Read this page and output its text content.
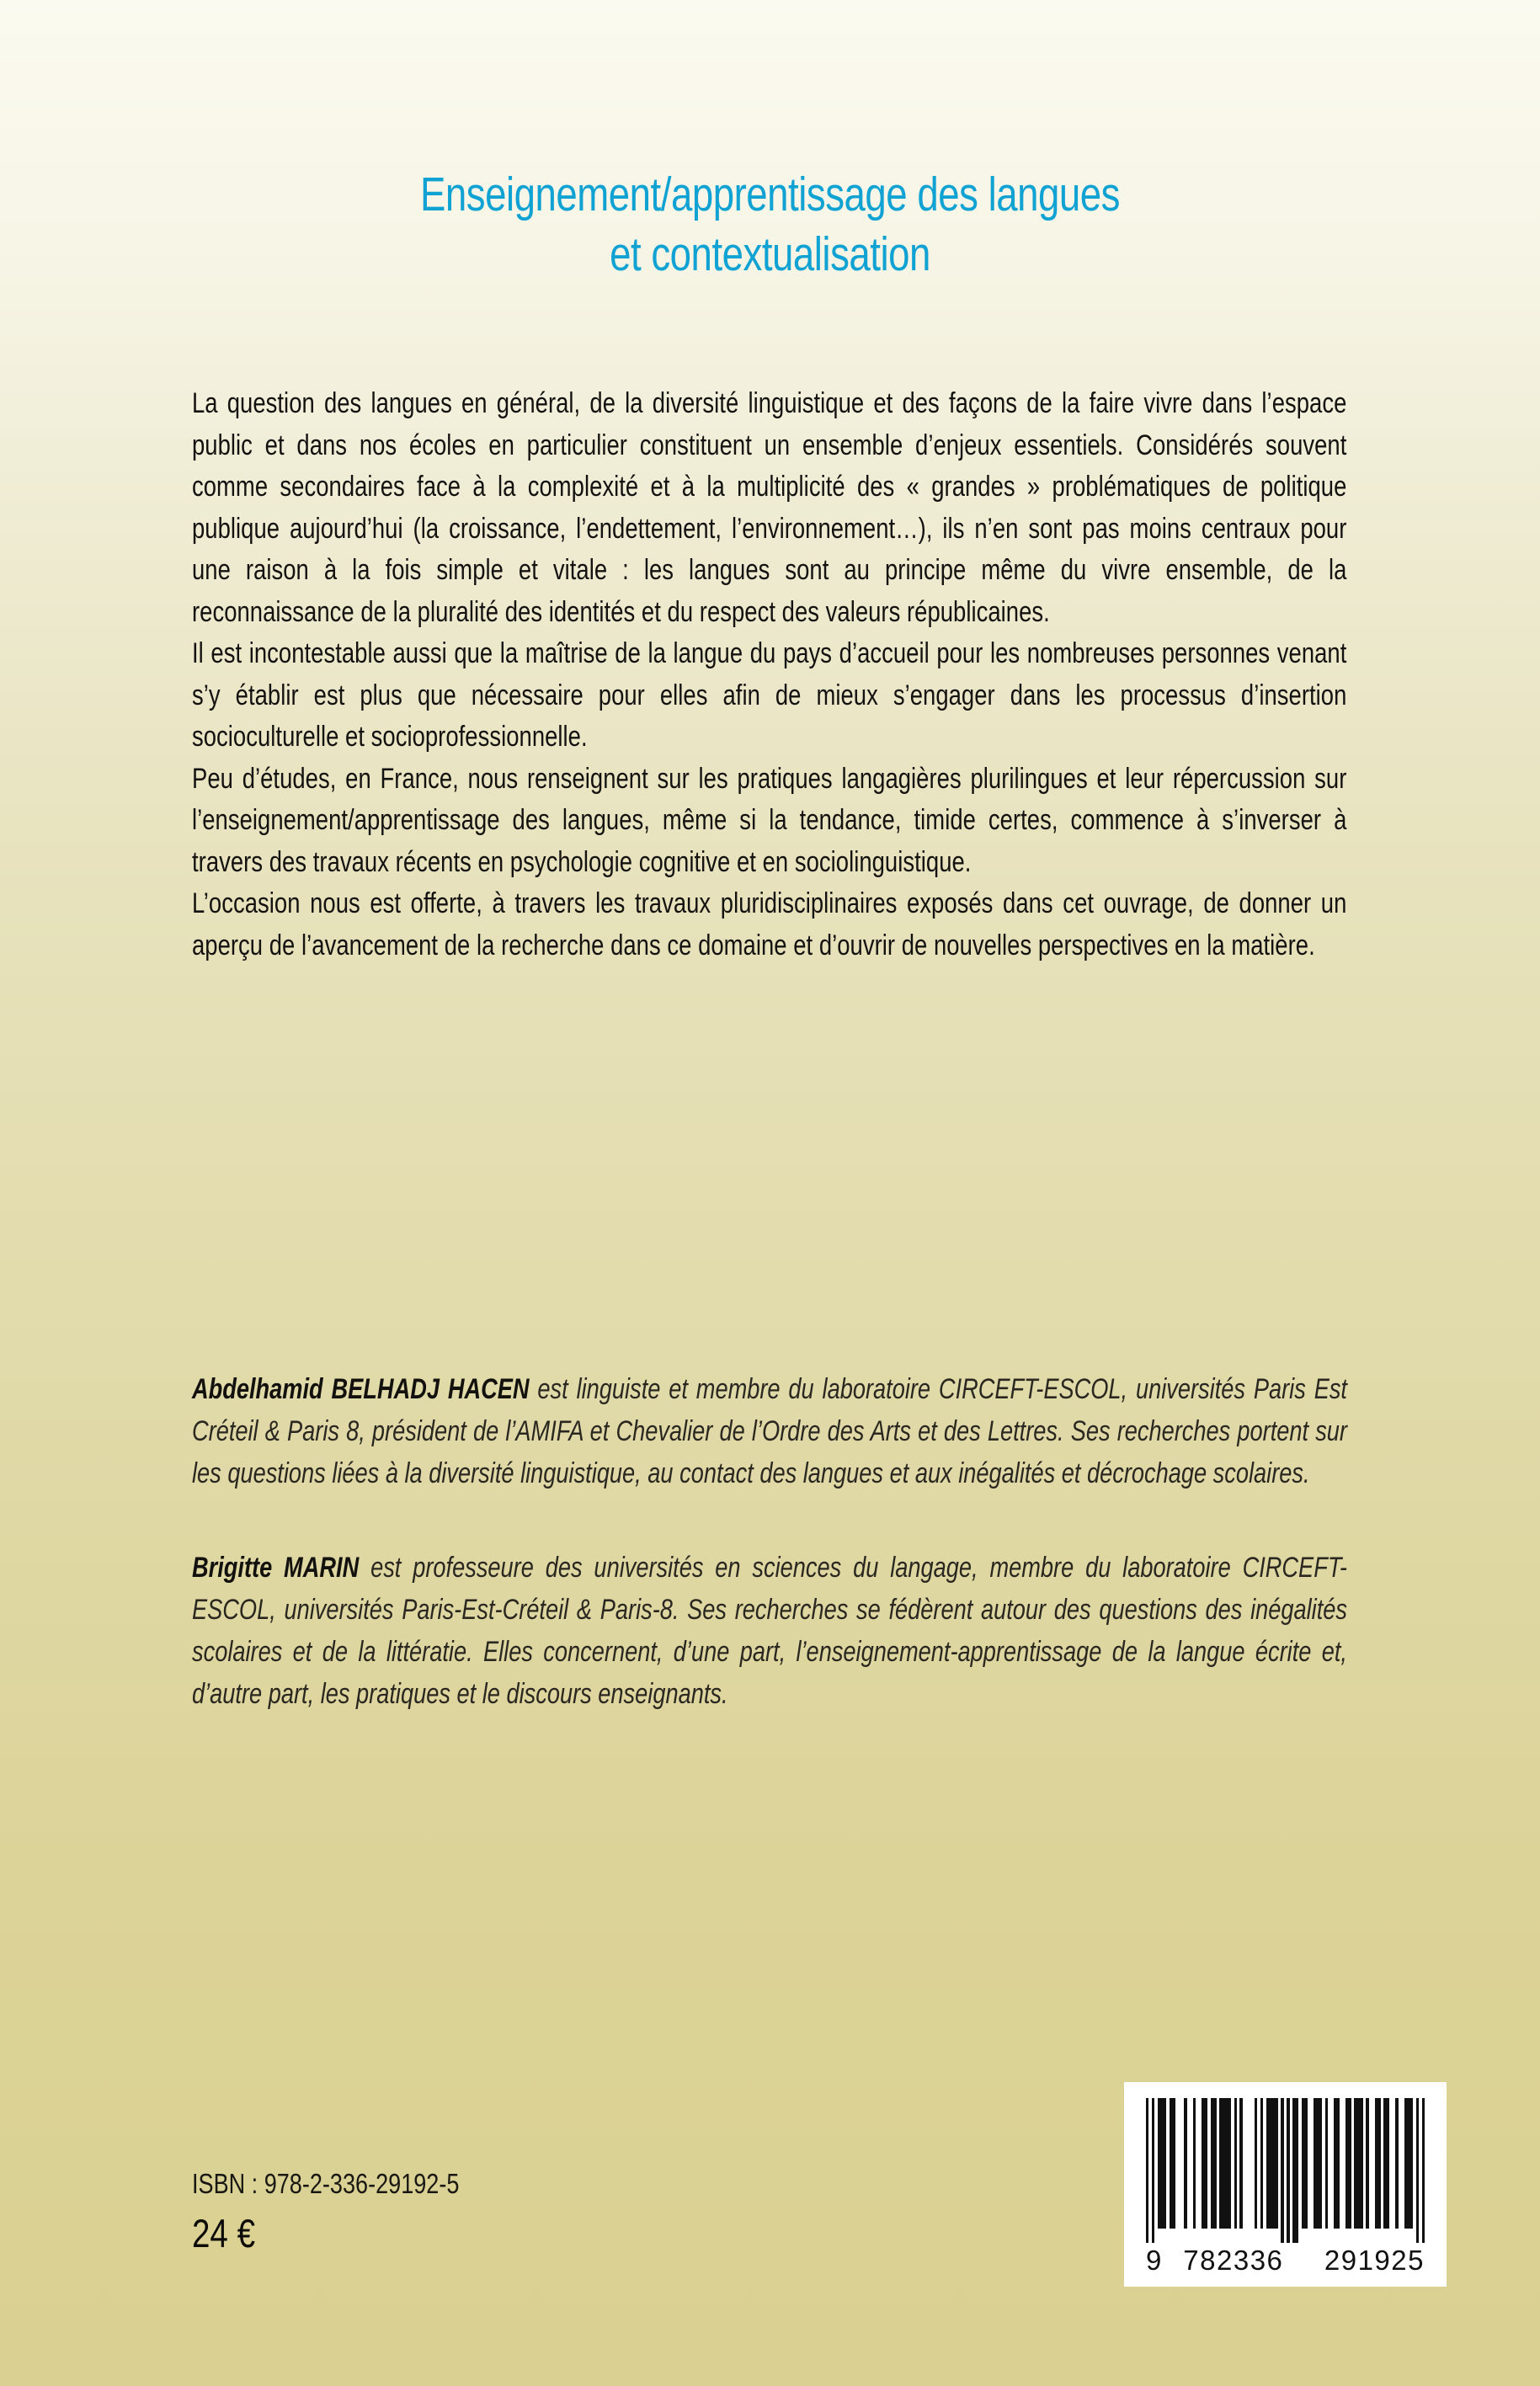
Enseignement/apprentissage des langues
et contextualisation

La question des langues en général, de la diversité linguistique et des façons de la faire vivre dans l’espace public et dans nos écoles en particulier constituent un ensemble d’enjeux essentiels. Considérés souvent comme secondaires face à la complexité et à la multiplicité des « grandes » problématiques de politique publique aujourd’hui (la croissance, l’endettement, l’environnement…), ils n’en sont pas moins centraux pour une raison à la fois simple et vitale : les langues sont au principe même du vivre ensemble, de la reconnaissance de la pluralité des identités et du respect des valeurs républicaines.

Il est incontestable aussi que la maîtrise de la langue du pays d’accueil pour les nombreuses personnes venant s’y établir est plus que nécessaire pour elles afin de mieux s’engager dans les processus d’insertion socioculturelle et socioprofessionnelle.

Peu d’études, en France, nous renseignent sur les pratiques langagières plurilingues et leur répercussion sur l’enseignement/apprentissage des langues, même si la tendance, timide certes, commence à s’inverser à travers des travaux récents en psychologie cognitive et en sociolinguistique.

L’occasion nous est offerte, à travers les travaux pluridisciplinaires exposés dans cet ouvrage, de donner un aperçu de l’avancement de la recherche dans ce domaine et d’ouvrir de nouvelles perspectives en la matière.

Abdelhamid BELHADJ HACEN est linguiste et membre du laboratoire CIRCEFT-ESCOL, universités Paris Est Créteil & Paris 8, président de l’AMIFA et Chevalier de l’Ordre des Arts et des Lettres. Ses recherches portent sur les questions liées à la diversité linguistique, au contact des langues et aux inégalités et décrochage scolaires.

Brigitte MARIN est professeure des universités en sciences du langage, membre du laboratoire CIRCEFT-ESCOL, universités Paris-Est-Créteil & Paris-8. Ses recherches se fédèrent autour des questions des inégalités scolaires et de la littératie. Elles concernent, d’une part, l’enseignement-apprentissage de la langue écrite et, d’autre part, les pratiques et le discours enseignants.

ISBN : 978-2-336-29192-5
24 €
9 782336 291925
